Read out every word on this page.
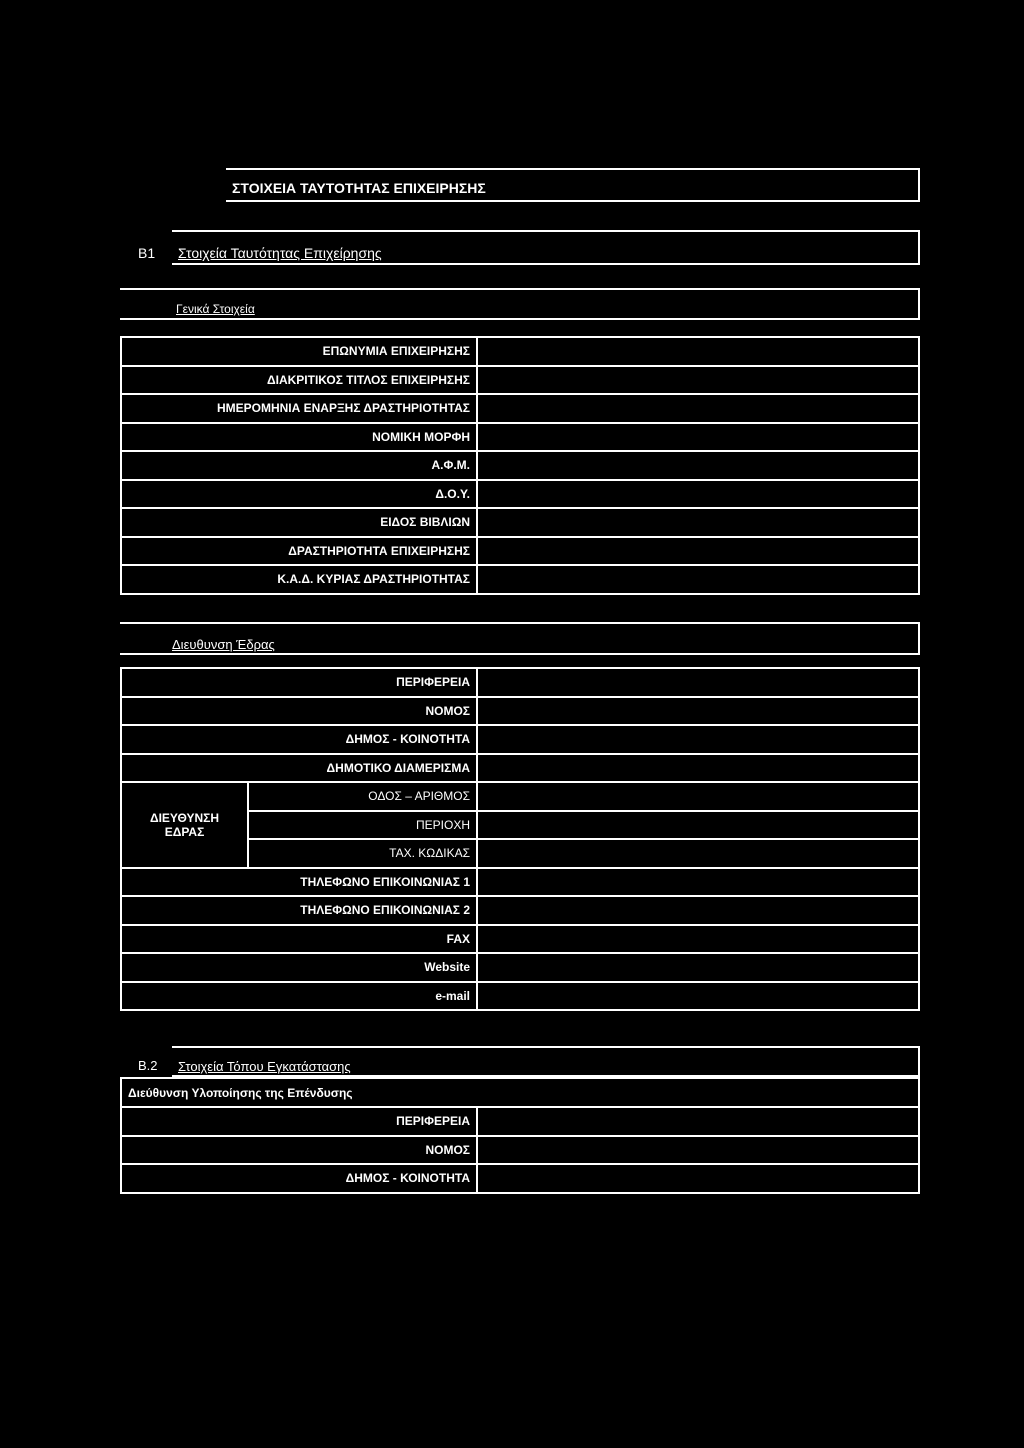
ΣΤΟΙΧΕΙΑ ΤΑΥΤΟΤΗΤΑΣ ΕΠΙΧΕΙΡΗΣΗΣ
Β1 Στοιχεία Ταυτότητας Επιχείρησης
Γενικά Στοιχεία
ΕΠΩΝΥΜΙΑ ΕΠΙΧΕΙΡΗΣΗΣ	
ΔΙΑΚΡΙΤΙΚΟΣ ΤΙΤΛΟΣ ΕΠΙΧΕΙΡΗΣΗΣ	
ΗΜΕΡΟΜΗΝΙΑ ΕΝΑΡΞΗΣ ΔΡΑΣΤΗΡΙΟΤΗΤΑΣ	
ΝΟΜΙΚΗ ΜΟΡΦΗ	
Α.Φ.Μ.	
Δ.Ο.Υ.	
ΕΙΔΟΣ ΒΙΒΛΙΩΝ	
ΔΡΑΣΤΗΡΙΟΤΗΤΑ ΕΠΙΧΕΙΡΗΣΗΣ	
Κ.Α.Δ. ΚΥΡΙΑΣ ΔΡΑΣΤΗΡΙΟΤΗΤΑΣ	
Διευθυνση Έδρας
ΠΕΡΙΦΕΡΕΙΑ		
ΝΟΜΟΣ		
ΔΗΜΟΣ - ΚΟΙΝΟΤΗΤΑ		
ΔΗΜΟΤΙΚΟ ΔΙΑΜΕΡΙΣΜΑ		

ΔΙΕΥΘΥΝΣΗ
ΕΔΡΑΣ	ΟΔΟΣ – ΑΡΙΘΜΟΣ	
	ΠΕΡΙΟΧΗ	
	ΤΑΧ. ΚΩΔΙΚΑΣ	
ΤΗΛΕΦΩΝΟ ΕΠΙΚΟΙΝΩΝΙΑΣ 1		
ΤΗΛΕΦΩΝΟ ΕΠΙΚΟΙΝΩΝΙΑΣ 2		
FAX		
Website		
e-mail		
Β.2 Στοιχεία Τόπου Εγκατάστασης
Διεύθυνση Υλοποίησης της Επένδυσης	
ΠΕΡΙΦΕΡΕΙΑ	
ΝΟΜΟΣ	
ΔΗΜΟΣ - ΚΟΙΝΟΤΗΤΑ	
